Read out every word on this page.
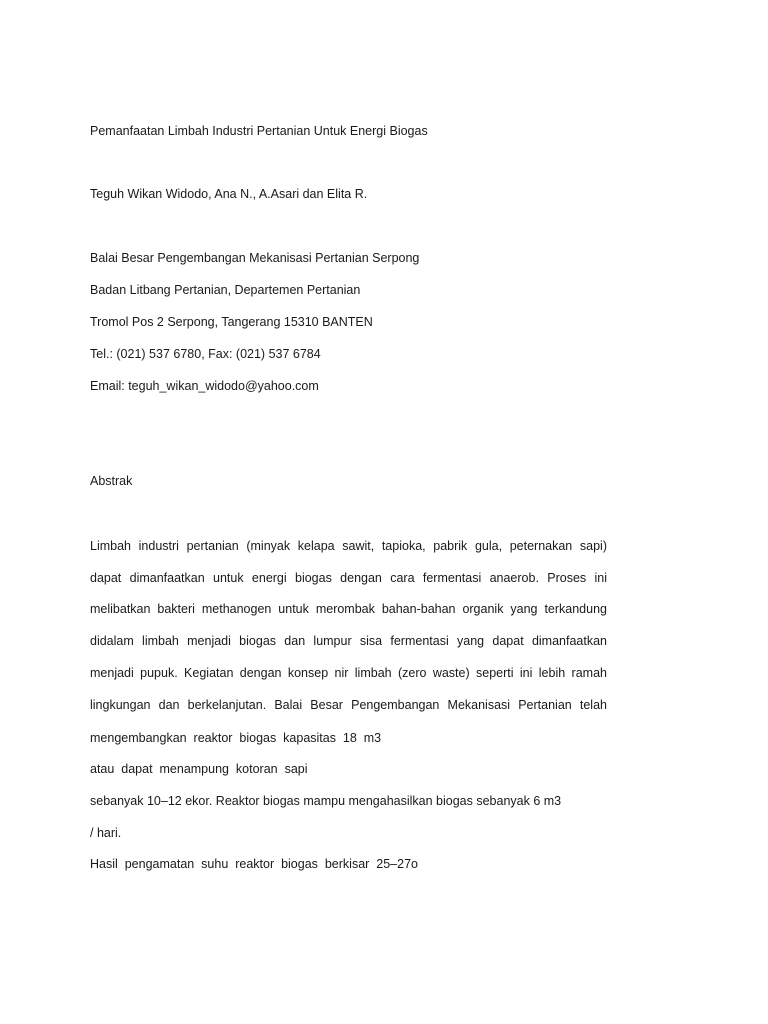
Pemanfaatan Limbah Industri Pertanian Untuk Energi Biogas
Teguh Wikan Widodo, Ana N., A.Asari dan Elita R.
Balai Besar Pengembangan Mekanisasi Pertanian Serpong
Badan Litbang Pertanian, Departemen Pertanian
Tromol Pos 2 Serpong, Tangerang 15310 BANTEN
Tel.: (021) 537 6780, Fax: (021) 537 6784
Email: teguh_wikan_widodo@yahoo.com
Abstrak
Limbah industri pertanian (minyak kelapa sawit, tapioka, pabrik gula, peternakan sapi)
dapat dimanfaatkan untuk energi biogas dengan cara fermentasi anaerob. Proses ini
melibatkan bakteri methanogen untuk merombak bahan-bahan organik yang terkandung
didalam limbah menjadi biogas dan lumpur sisa fermentasi yang dapat dimanfaatkan
menjadi pupuk. Kegiatan dengan konsep nir limbah (zero waste) seperti ini lebih ramah
lingkungan dan berkelanjutan. Balai Besar Pengembangan Mekanisasi Pertanian telah
mengembangkan  reaktor  biogas  kapasitas  18  m3
atau  dapat  menampung  kotoran  sapi
sebanyak 10–12 ekor. Reaktor biogas mampu mengahasilkan biogas sebanyak 6 m3
/ hari.
Hasil  pengamatan  suhu  reaktor  biogas  berkisar  25–27o
